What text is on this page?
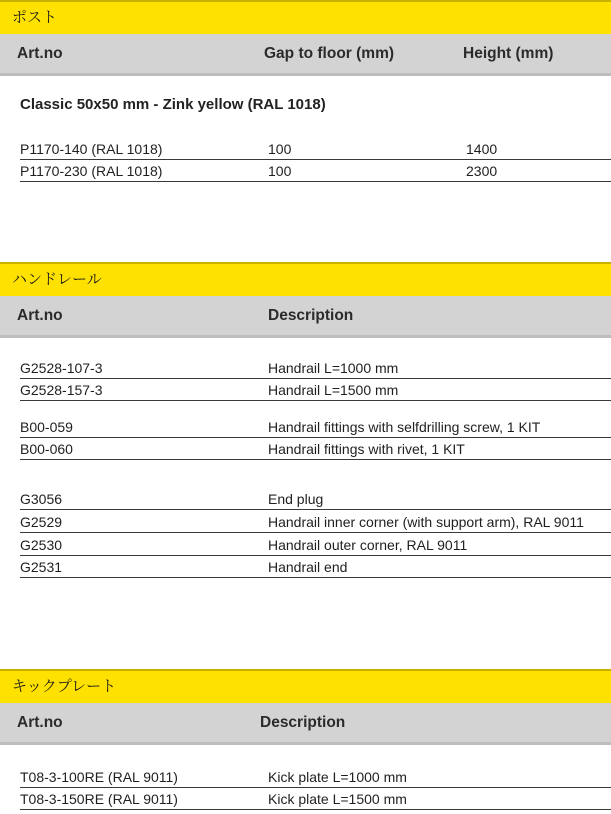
ポスト
Art.no	Gap to floor (mm)	Height (mm)
Classic 50x50 mm - Zink yellow (RAL 1018)
P1170-140 (RAL 1018)	100	1400
P1170-230 (RAL 1018)	100	2300
ハンドレール
Art.no	Description
G2528-107-3	Handrail L=1000 mm
G2528-157-3	Handrail L=1500 mm
B00-059	Handrail fittings with selfdrilling screw, 1 KIT
B00-060	Handrail fittings with rivet, 1 KIT
G3056	End plug
G2529	Handrail inner corner (with support arm), RAL 9011
G2530	Handrail outer corner, RAL 9011
G2531	Handrail end
キックプレート
Art.no	Description
T08-3-100RE (RAL 9011)	Kick plate L=1000 mm
T08-3-150RE (RAL 9011)	Kick plate L=1500 mm
